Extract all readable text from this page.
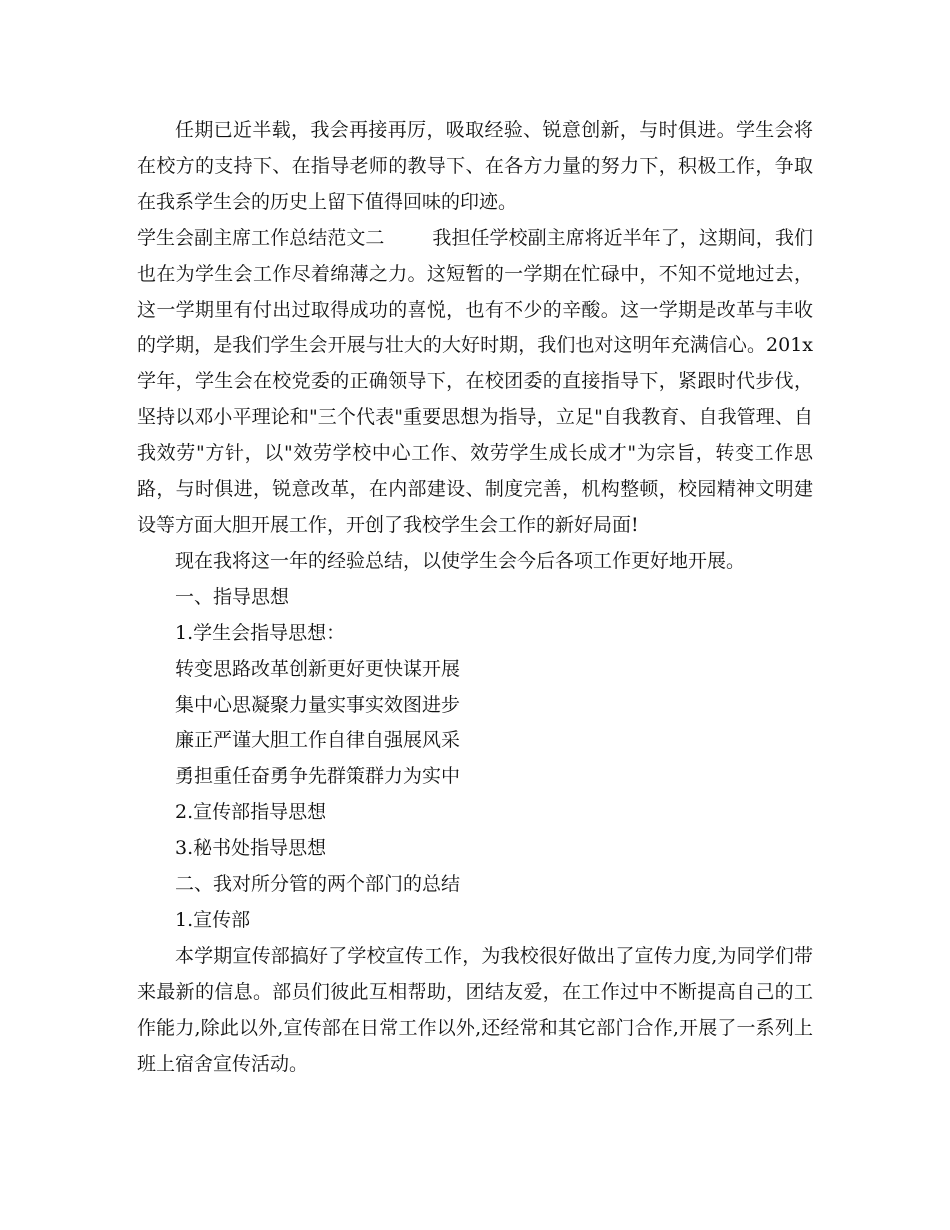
任期已近半载，我会再接再厉，吸取经验、锐意创新，与时俱进。学生会将在校方的支持下、在指导老师的教导下、在各方力量的努力下，积极工作，争取在我系学生会的历史上留下值得回味的印迹。

学生会副主席工作总结范文二	我担任学校副主席将近半年了，这期间，我们也在为学生会工作尽着绵薄之力。这短暂的一学期在忙碌中，不知不觉地过去，这一学期里有付出过取得成功的喜悦，也有不少的辛酸。这一学期是改革与丰收的学期，是我们学生会开展与壮大的大好时期，我们也对这明年充满信心。201x 学年，学生会在校党委的正确领导下，在校团委的直接指导下，紧跟时代步伐，坚持以邓小平理论和"三个代表"重要思想为指导，立足"自我教育、自我管理、自我效劳"方针，以"效劳学校中心工作、效劳学生成长成才"为宗旨，转变工作思路，与时俱进，锐意改革，在内部建设、制度完善，机构整顿，校园精神文明建设等方面大胆开展工作，开创了我校学生会工作的新好局面!

现在我将这一年的经验总结，以使学生会今后各项工作更好地开展。

一、指导思想

1.学生会指导思想：

转变思路改革创新更好更快谋开展

集中心思凝聚力量实事实效图进步

廉正严谨大胆工作自律自强展风采

勇担重任奋勇争先群策群力为实中

2.宣传部指导思想

3.秘书处指导思想

二、我对所分管的两个部门的总结

1.宣传部

本学期宣传部搞好了学校宣传工作，为我校很好做出了宣传力度,为同学们带来最新的信息。部员们彼此互相帮助，团结友爱，在工作过中不断提高自己的工作能力,除此以外,宣传部在日常工作以外,还经常和其它部门合作,开展了一系列上班上宿舍宣传活动。
